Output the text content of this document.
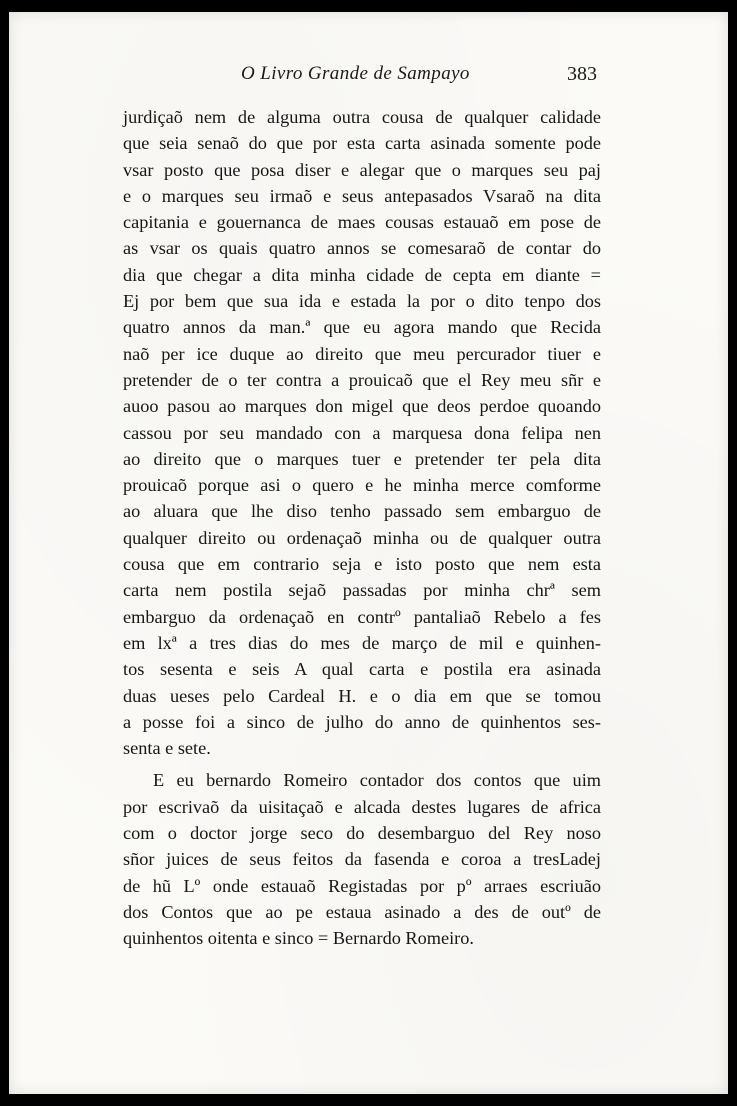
O Livro Grande de Sampayo	383
jurdiçaõ nem de alguma outra cousa de qualquer calidade
que seia senaõ do que por esta carta asinada somente pode
vsar posto que posa diser e alegar que o marques seu paj
e o marques seu irmaõ e seus antepasados Vsaraõ na dita
capitania e gouernanca de maes cousas estauaõ em pose de
as vsar os quais quatro annos se comesaraõ de contar do
dia que chegar a dita minha cidade de cepta em diante =
Ej por bem que sua ida e estada la por o dito tenpo dos
quatro annos da man.ª que eu agora mando que Recida
naõ per ice duque ao direito que meu percurador tiuer e
pretender de o ter contra a prouicaõ que el Rey meu sñr e
auoo pasou ao marques don migel que deos perdoe quoando
cassou por seu mandado con a marquesa dona felipa nen
ao direito que o marques tuer e pretender ter pela dita
prouicaõ porque asi o quero e he minha merce comforme
ao aluara que lhe diso tenho passado sem embarguo de
qualquer direito ou ordenaçaõ minha ou de qualquer outra
cousa que em contrario seja e isto posto que nem esta
carta nem postila sejaõ passadas por minha chrª sem
embarguo da ordenaçaõ en contrº pantaliaõ Rebelo a fes
em lxª a tres dias do mes de março de mil e quinhen-
tos sesenta e seis A qual carta e postila era asinada
duas ueses pelo Cardeal H. e o dia em que se tomou
a posse foi a sinco de julho do anno de quinhentos ses-
senta e sete.
E eu bernardo Romeiro contador dos contos que uim
por escrivaõ da uisitaçaõ e alcada destes lugares de africa
com o doctor jorge seco do desembarguo del Rey noso
sñor juices de seus feitos da fasenda e coroa a tresLadej
de hũ Lº onde estauaõ Registadas por pº arraes escriuão
dos Contos que ao pe estaua asinado a des de outº de
quinhentos oitenta e sinco = Bernardo Romeiro.
